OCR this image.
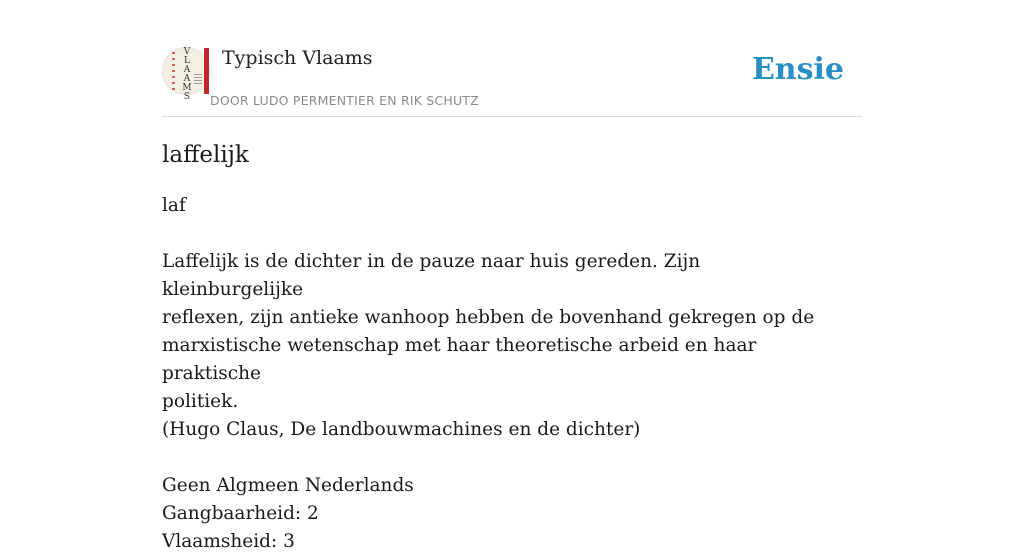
V
L
A
A
M
S
Typisch Vlaams
DOOR LUDO PERMENTIER EN RIK SCHUTZ
Ensie
laffelijk

laf

Laffelijk is de dichter in de pauze naar huis gereden. Zijn kleinburgelijke

reflexen, zijn antieke wanhoop hebben de bovenhand gekregen op de

marxistische wetenschap met haar theoretische arbeid en haar praktische

politiek.

(Hugo Claus, De landbouwmachines en de dichter)

Geen Algmeen Nederlands

Gangbaarheid: 2

Vlaamsheid: 3
